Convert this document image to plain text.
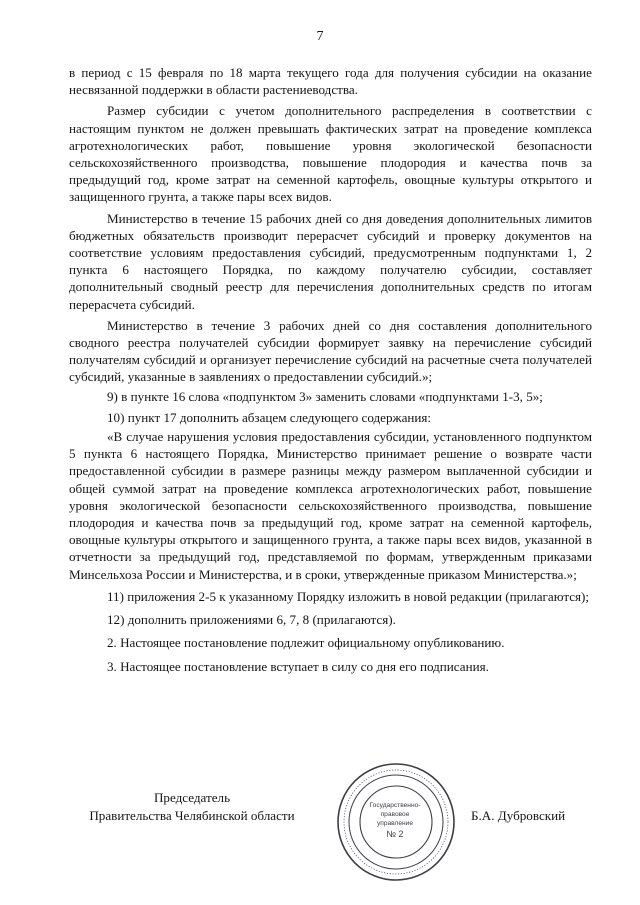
7

в период с 15 февраля по 18 марта текущего года для получения субсидии на оказание несвязанной поддержки в области растениеводства.

Размер субсидии с учетом дополнительного распределения в соответствии с настоящим пунктом не должен превышать фактических затрат на проведение комплекса агротехнологических работ, повышение уровня экологической безопасности сельскохозяйственного производства, повышение плодородия и качества почв за предыдущий год, кроме затрат на семенной картофель, овощные культуры открытого и защищенного грунта, а также пары всех видов.

Министерство в течение 15 рабочих дней со дня доведения дополнительных лимитов бюджетных обязательств производит перерасчет субсидий и проверку документов на соответствие условиям предоставления субсидий, предусмотренным подпунктами 1, 2 пункта 6 настоящего Порядка, по каждому получателю субсидии, составляет дополнительный сводный реестр для перечисления дополнительных средств по итогам перерасчета субсидий.

Министерство в течение 3 рабочих дней со дня составления дополнительного сводного реестра получателей субсидии формирует заявку на перечисление субсидий получателям субсидий и организует перечисление субсидий на расчетные счета получателей субсидий, указанные в заявлениях о предоставлении субсидий.»;

9) в пункте 16 слова «подпунктом 3» заменить словами «подпунктами 1-3, 5»;

10) пункт 17 дополнить абзацем следующего содержания:

«В случае нарушения условия предоставления субсидии, установленного подпунктом 5 пункта 6 настоящего Порядка, Министерство принимает решение о возврате части предоставленной субсидии в размере разницы между размером выплаченной субсидии и общей суммой затрат на проведение комплекса агротехнологических работ, повышение уровня экологической безопасности сельскохозяйственного производства, повышение плодородия и качества почв за предыдущий год, кроме затрат на семенной картофель, овощные культуры открытого и защищенного грунта, а также пары всех видов, указанной в отчетности за предыдущий год, представляемой по формам, утвержденным приказами Минсельхоза России и Министерства, и в сроки, утвержденные приказом Министерства.»;

11) приложения 2-5 к указанному Порядку изложить в новой редакции (прилагаются);

12) дополнить приложениями 6, 7, 8 (прилагаются).

2. Настоящее постановление подлежит официальному опубликованию.

3. Настоящее постановление вступает в силу со дня его подписания.

Председатель
Правительства Челябинской области
Государственно-
правовое
управление
№ 2
Б.А. Дубровский
